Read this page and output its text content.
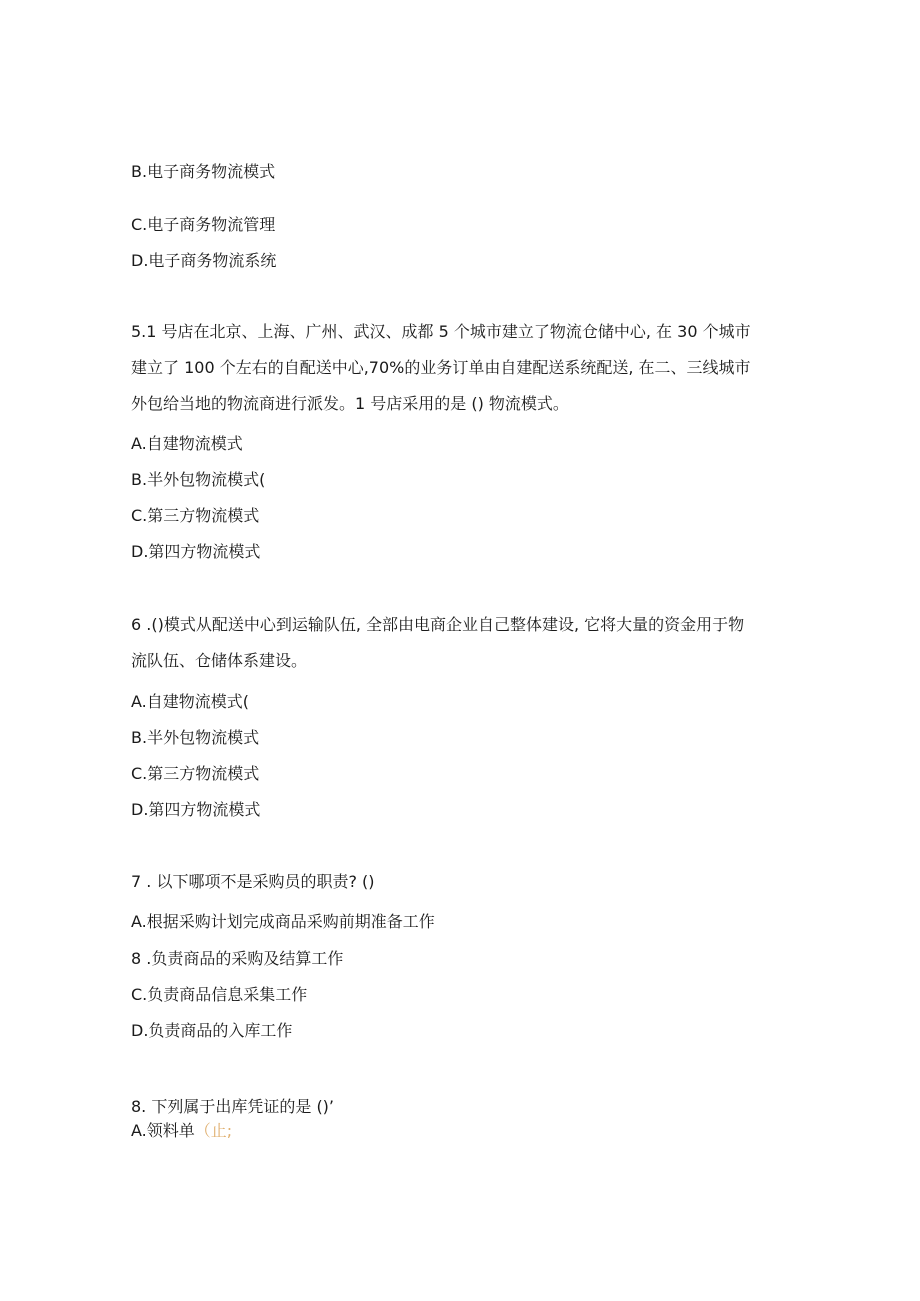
B.电子商务物流模式
C.电子商务物流管理
D.电子商务物流系统
5.1 号店在北京、上海、广州、武汉、成都 5 个城市建立了物流仓储中心, 在 30 个城市
建立了 100 个左右的自配送中心,70%的业务订单由自建配送系统配送, 在二、三线城市
外包给当地的物流商进行派发。1 号店采用的是 () 物流模式。
A.自建物流模式
B.半外包物流模式(
C.第三方物流模式
D.第四方物流模式
6 .()模式从配送中心到运输队伍, 全部由电商企业自己整体建设, 它将大量的资金用于物
流队伍、仓储体系建设。
A.自建物流模式(
B.半外包物流模式
C.第三方物流模式
D.第四方物流模式
7 . 以下哪项不是采购员的职责? ()
A.根据采购计划完成商品采购前期准备工作
8 .负责商品的采购及结算工作
C.负责商品信息采集工作
D.负责商品的入库工作
8. 下列属于出库凭证的是 ()’
A.领料单（止;
